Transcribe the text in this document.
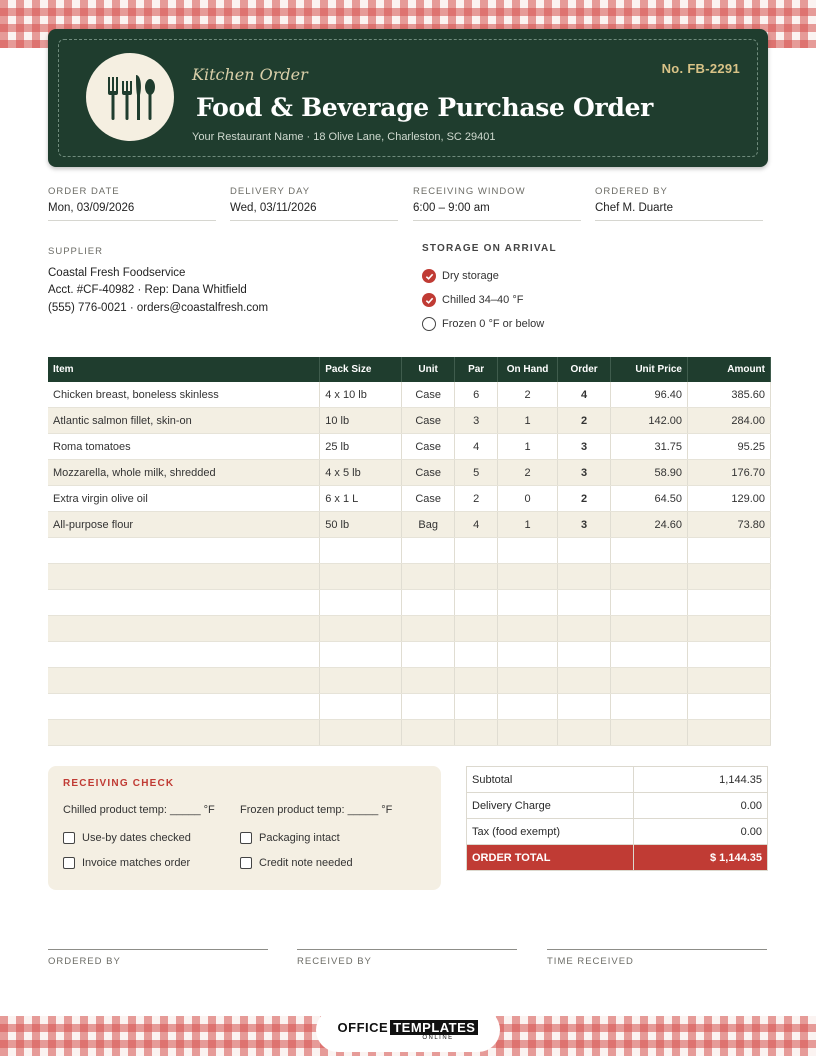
Kitchen Order
Food & Beverage Purchase Order
Your Restaurant Name · 18 Olive Lane, Charleston, SC 29401
No. FB-2291
ORDER DATE
Mon, 03/09/2026
DELIVERY DAY
Wed, 03/11/2026
RECEIVING WINDOW
6:00 – 9:00 am
ORDERED BY
Chef M. Duarte
SUPPLIER
Coastal Fresh Foodservice
Acct. #CF-40982 · Rep: Dana Whitfield
(555) 776-0021 · orders@coastalfresh.com
STORAGE ON ARRIVAL
Dry storage
Chilled 34–40 °F
Frozen 0 °F or below
Item	Pack Size	Unit	Par	On Hand	Order	Unit Price	Amount
Chicken breast, boneless skinless	4 x 10 lb	Case	6	2	4	96.40	385.60
Atlantic salmon fillet, skin-on	10 lb	Case	3	1	2	142.00	284.00
Roma tomatoes	25 lb	Case	4	1	3	31.75	95.25
Mozzarella, whole milk, shredded	4 x 5 lb	Case	5	2	3	58.90	176.70
Extra virgin olive oil	6 x 1 L	Case	2	0	2	64.50	129.00
All-purpose flour	50 lb	Bag	4	1	3	24.60	73.80

RECEIVING CHECK
Chilled product temp: _____ °F Frozen product temp: _____ °F
Use-by dates checked	Packaging intact
Invoice matches order	Credit note needed
Subtotal	1,144.35
Delivery Charge	0.00
Tax (food exempt)	0.00
ORDER TOTAL	$ 1,144.35
ORDERED BY	RECEIVED BY	TIME RECEIVED
OFFICE TEMPLATES
ONLINE
